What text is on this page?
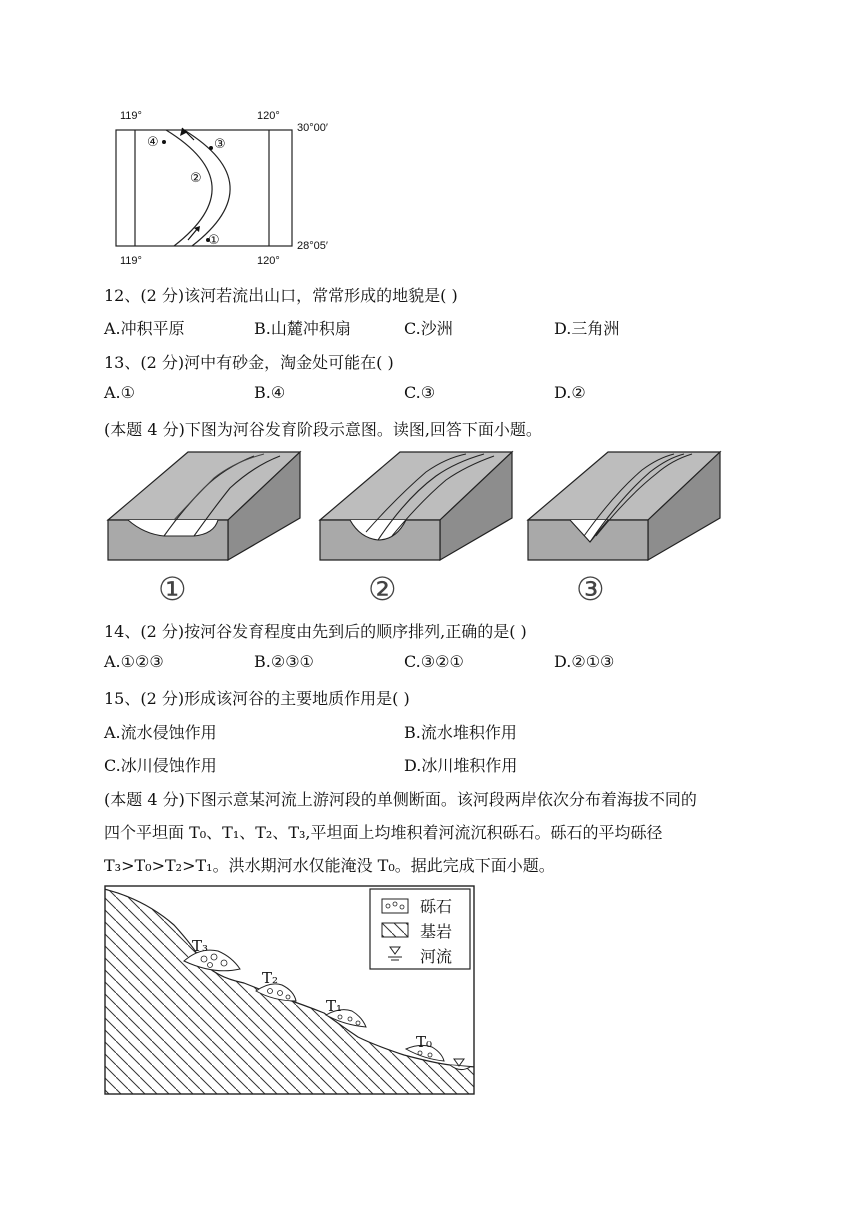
119°	120°
30°00′
119°	120°
28°05′
④	③
②
①
12、(2 分)该河若流出山口，常常形成的地貌是( )
A.冲积平原	B.山麓冲积扇	C.沙洲	D.三角洲
13、(2 分)河中有砂金，淘金处可能在( )
A.①	B.④	C.③	D.②
(本题 4 分)下图为河谷发育阶段示意图。读图,回答下面小题。
①	②	③
14、(2 分)按河谷发育程度由先到后的顺序排列,正确的是( )
A.①②③	B.②③①	C.③②①	D.②①③
15、(2 分)形成该河谷的主要地质作用是( )
A.流水侵蚀作用	B.流水堆积作用
C.冰川侵蚀作用	D.冰川堆积作用
(本题 4 分)下图示意某河流上游河段的单侧断面。该河段两岸依次分布着海拔不同的
四个平坦面 T₀、T₁、T₂、T₃,平坦面上均堆积着河流沉积砾石。砾石的平均砾径
T₃>T₀>T₂>T₁。洪水期河水仅能淹没 T₀。据此完成下面小题。
砾石
基岩
河流
T₃
T₂
T₁
T₀
